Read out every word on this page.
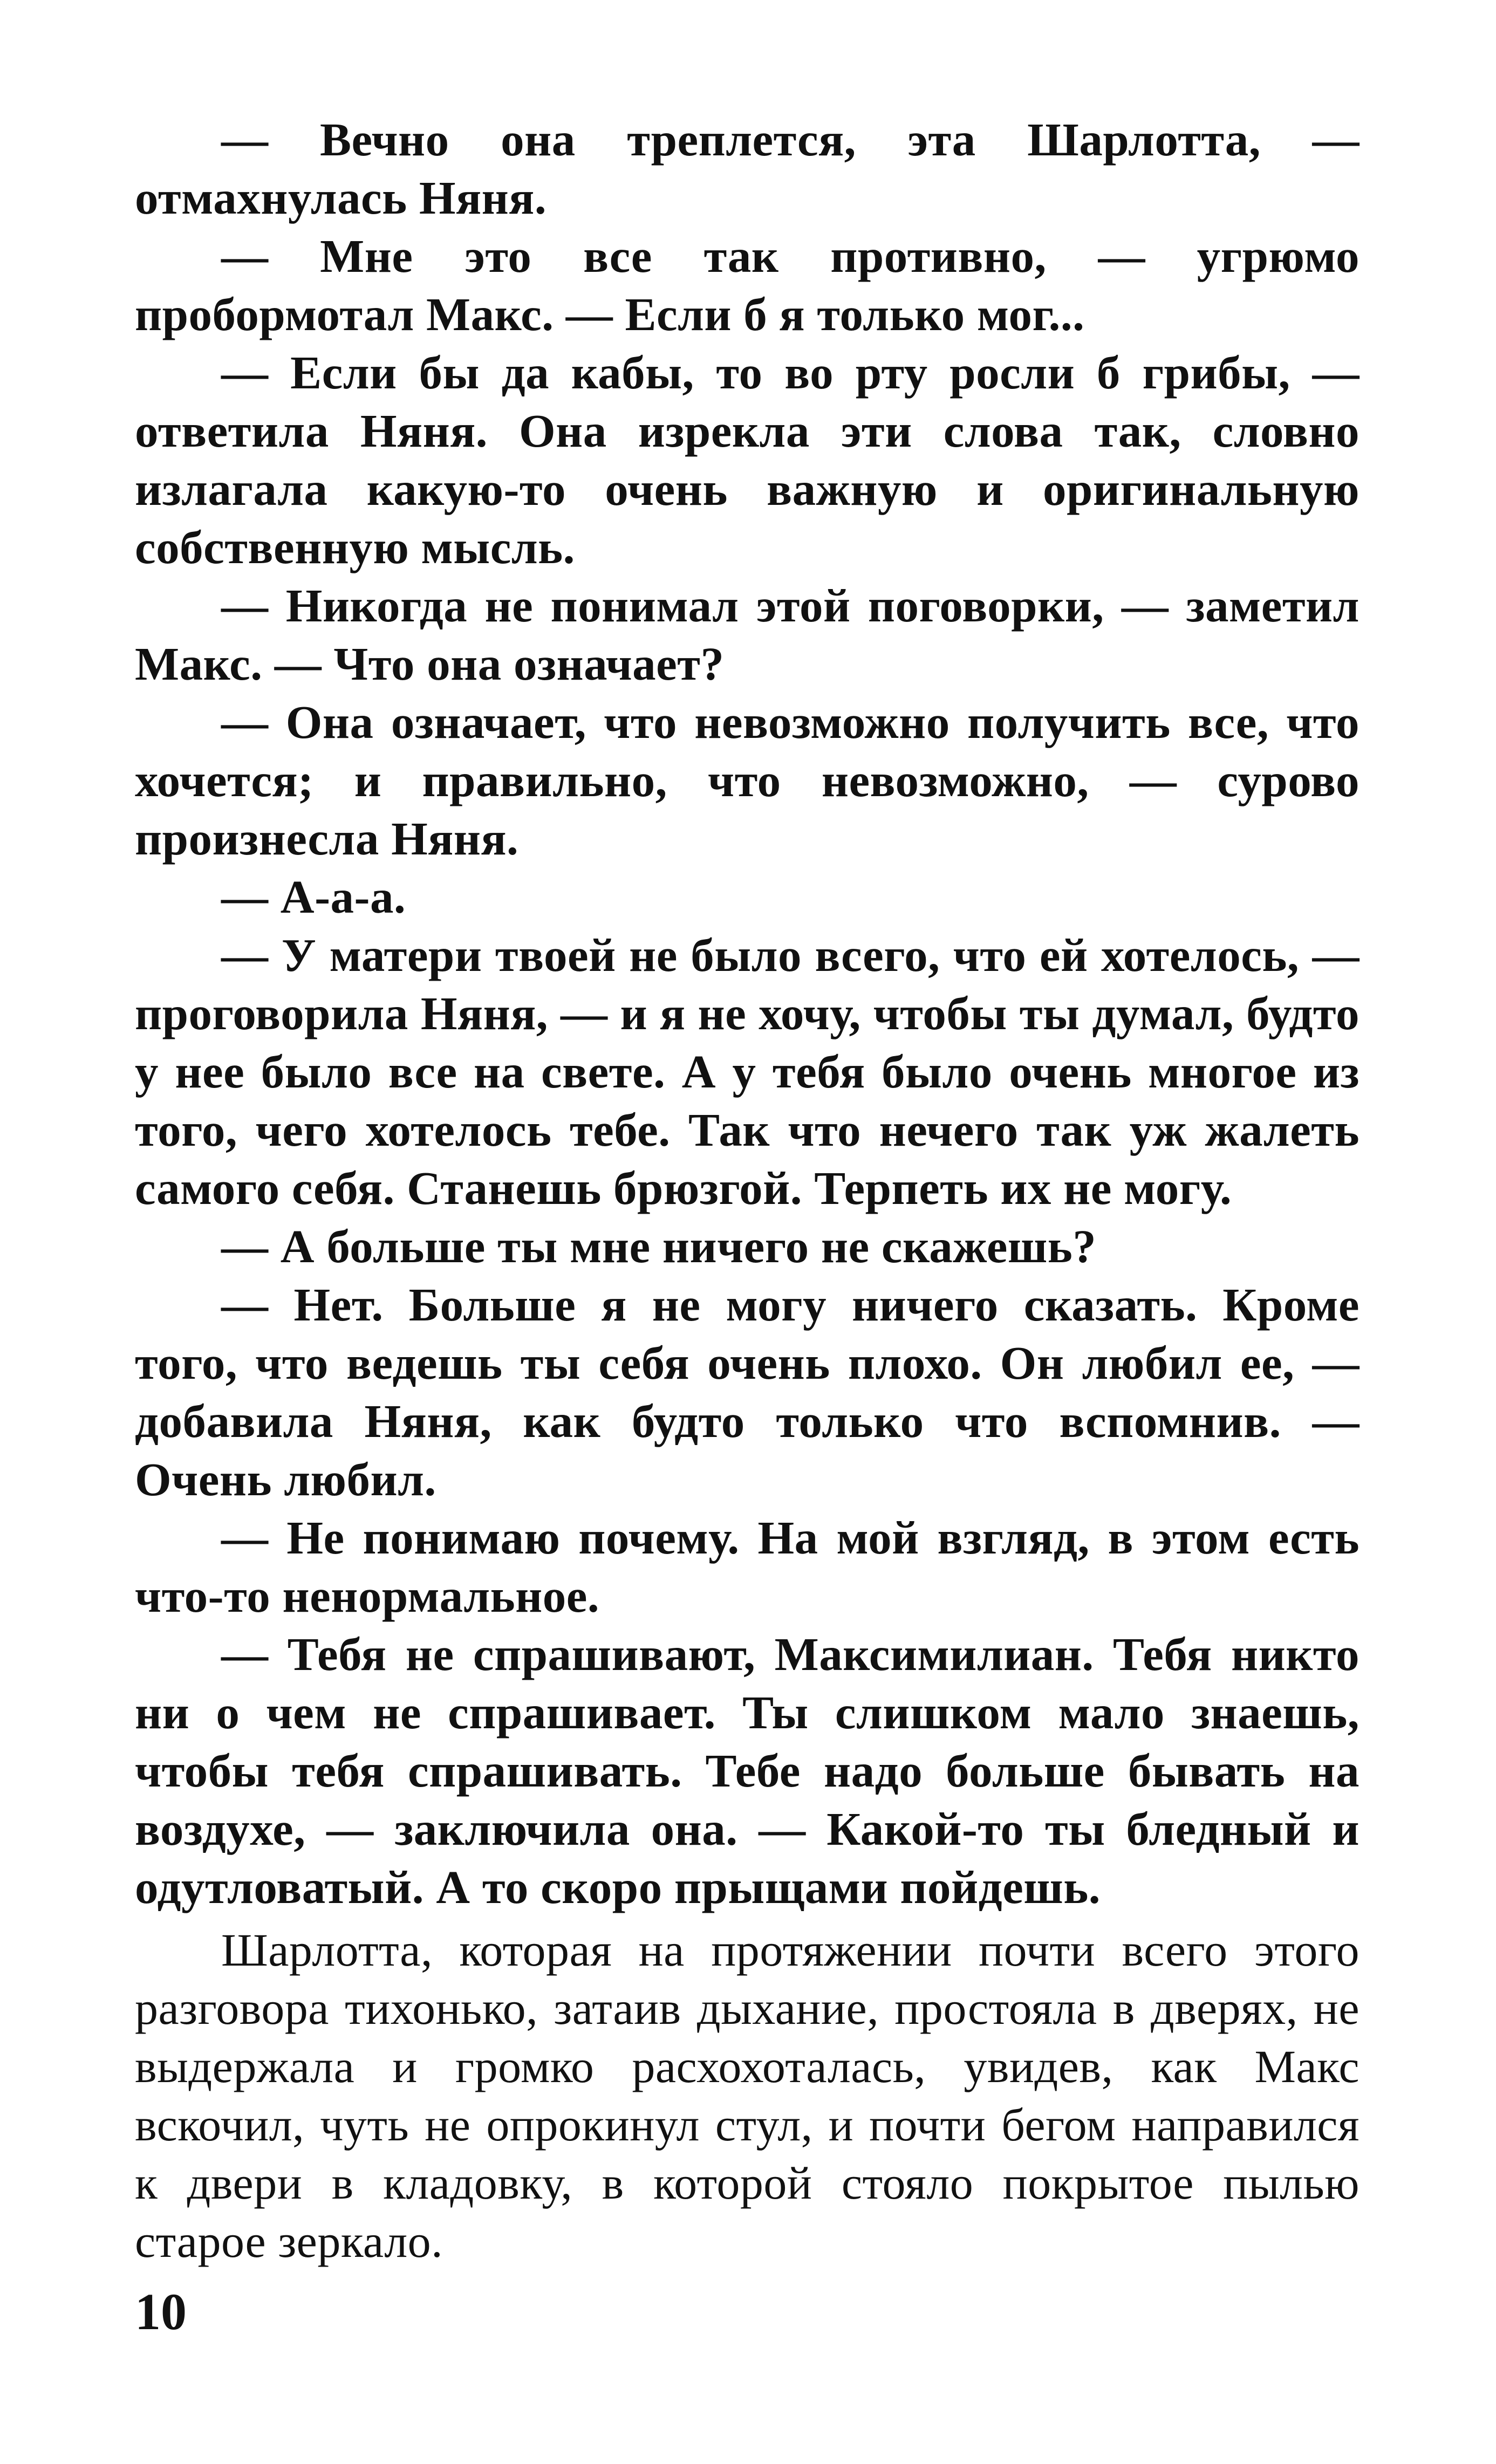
— Вечно она треплется, эта Шарлотта, — отмахнулась Няня.

— Мне это все так противно, — угрюмо пробормотал Макс. — Если б я только мог...

— Если бы да кабы, то во рту росли б грибы, — ответила Няня. Она изрекла эти слова так, словно излагала какую-то очень важную и оригинальную собственную мысль.

— Никогда не понимал этой поговорки, — заметил Макс. — Что она означает?

— Она означает, что невозможно получить все, что хочется; и правильно, что невозможно, — сурово произнесла Няня.

— А-а-а.

— У матери твоей не было всего, что ей хотелось, — проговорила Няня, — и я не хочу, чтобы ты думал, будто у нее было все на свете. А у тебя было очень многое из того, чего хотелось тебе. Так что нечего так уж жалеть самого себя. Станешь брюзгой. Терпеть их не могу.

— А больше ты мне ничего не скажешь?

— Нет. Больше я не могу ничего сказать. Кроме того, что ведешь ты себя очень плохо. Он любил ее, — добавила Няня, как будто только что вспомнив. — Очень любил.

— Не понимаю почему. На мой взгляд, в этом есть что-то ненормальное.

— Тебя не спрашивают, Максимилиан. Тебя никто ни о чем не спрашивает. Ты слишком мало знаешь, чтобы тебя спрашивать. Тебе надо больше бывать на воздухе, — заключила она. — Какой-то ты бледный и одутловатый. А то скоро прыщами пойдешь.

Шарлотта, которая на протяжении почти всего этого разговора тихонько, затаив дыхание, простояла в дверях, не выдержала и громко расхохоталась, увидев, как Макс вскочил, чуть не опрокинул стул, и почти бегом направился к двери в кладовку, в которой стояло покрытое пылью старое зеркало.

10
